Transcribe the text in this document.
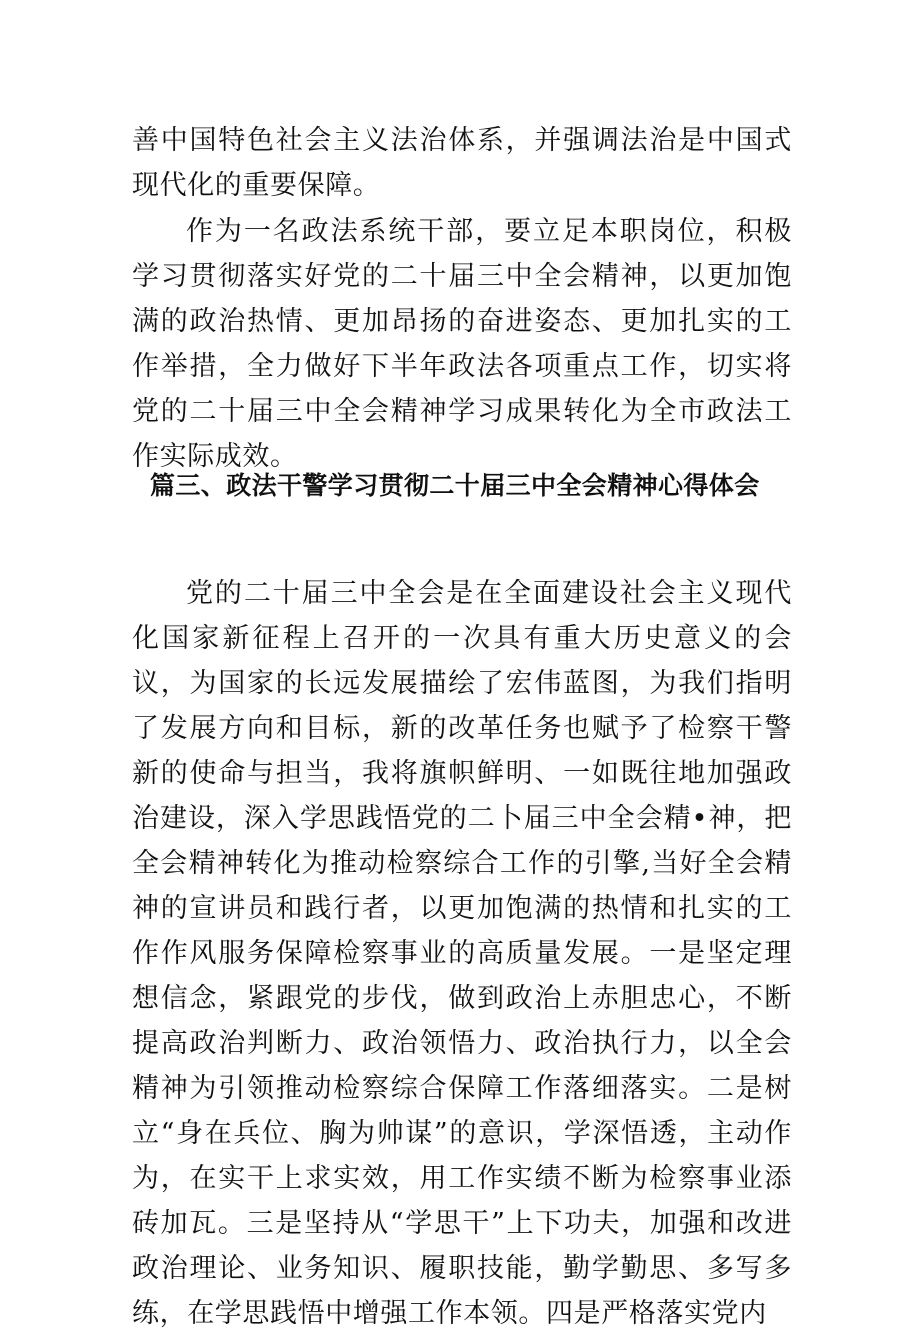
善中国特色社会主义法治体系，并强调法治是中国式现代化的重要保障。

作为一名政法系统干部，要立足本职岗位，积极学习贯彻落实好党的二十届三中全会精神，以更加饱满的政治热情、更加昂扬的奋进姿态、更加扎实的工作举措，全力做好下半年政法各项重点工作，切实将党的二十届三中全会精神学习成果转化为全市政法工作实际成效。

篇三、政法干警学习贯彻二十届三中全会精神心得体会

党的二十届三中全会是在全面建设社会主义现代化国家新征程上召开的一次具有重大历史意义的会议，为国家的长远发展描绘了宏伟蓝图，为我们指明了发展方向和目标，新的改革任务也赋予了检察干警新的使命与担当，我将旗帜鲜明、一如既往地加强政治建设，深入学思践悟党的二卜届三中全会精•神，把全会精神转化为推动检察综合工作的引擎,当好全会精神的宣讲员和践行者，以更加饱满的热情和扎实的工作作风服务保障检察事业的高质量发展。一是坚定理想信念，紧跟党的步伐，做到政治上赤胆忠心，不断提高政治判断力、政治领悟力、政治执行力，以全会精神为引领推动检察综合保障工作落细落实。二是树立“身在兵位、胸为帅谋”的意识，学深悟透，主动作为，在实干上求实效，用工作实绩不断为检察事业添砖加瓦。三是坚持从“学思干”上下功夫，加强和改进政治理论、业务知识、履职技能，勤学勤思、多写多练，在学思践悟中增强工作本领。四是严格落实党内
